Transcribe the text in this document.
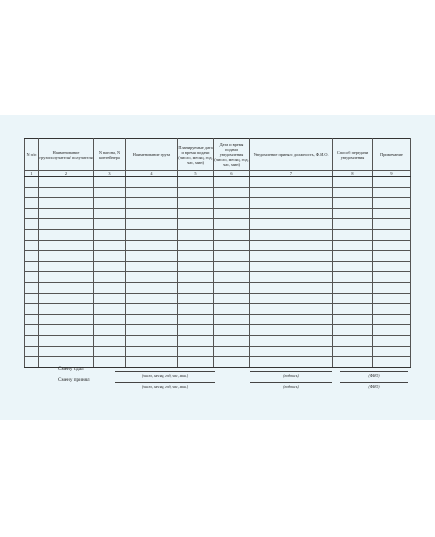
N п/п	Наименование грузополучателя/ получателя	N вагона, N контейнера	Наименование груза	Планируемые дата и время подачи (число, месяц, год, час, мин)	Дата и время подачи уведомления (число, месяц, год, час, мин)	Уведомление принял: должность, Ф.И.О.	Способ передачи уведомления	Примечание
1	2	3	4	5	6	7	8	9

Смену сдал
(число, месяц, год, час, мин.)	(подпись)	(ФИО)
Смену принял
(число, месяц, год, час, мин.)	(подпись)	(ФИО)
